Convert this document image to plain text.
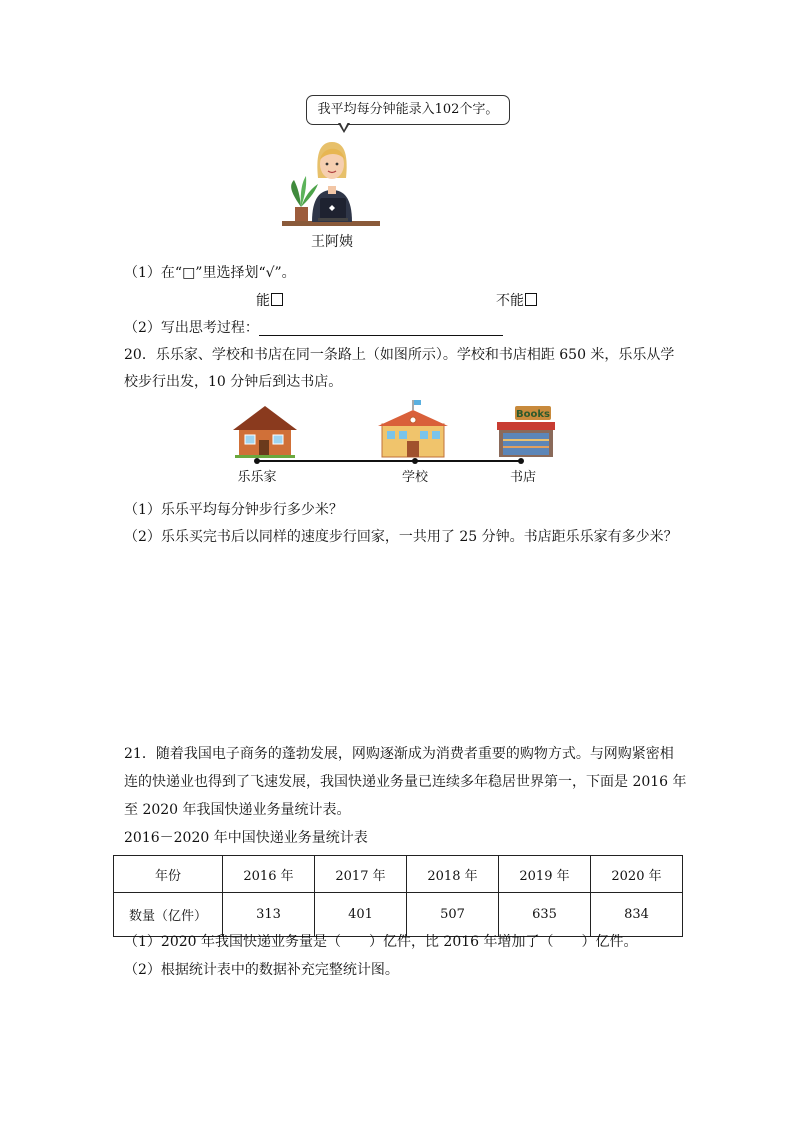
我平均每分钟能录入102个字。
王阿姨
（1）在“□”里选择划“√”。
能	不能
（2）写出思考过程：
20．乐乐家、学校和书店在同一条路上（如图所示）。学校和书店相距 650 米，乐乐从学
校步行出发，10 分钟后到达书店。
Books
乐乐家	学校	书店
（1）乐乐平均每分钟步行多少米？
（2）乐乐买完书后以同样的速度步行回家，一共用了 25 分钟。书店距乐乐家有多少米？
21．随着我国电子商务的蓬勃发展，网购逐渐成为消费者重要的购物方式。与网购紧密相
连的快递业也得到了飞速发展，我国快递业务量已连续多年稳居世界第一，下面是 2016 年
至 2020 年我国快递业务量统计表。
2016－2020 年中国快递业务量统计表
年份	2016 年	2017 年	2018 年	2019 年	2020 年
数量（亿件）	313	401	507	635	834
（1）2020 年我国快递业务量是（　　）亿件，比 2016 年增加了（　　）亿件。
（2）根据统计表中的数据补充完整统计图。
